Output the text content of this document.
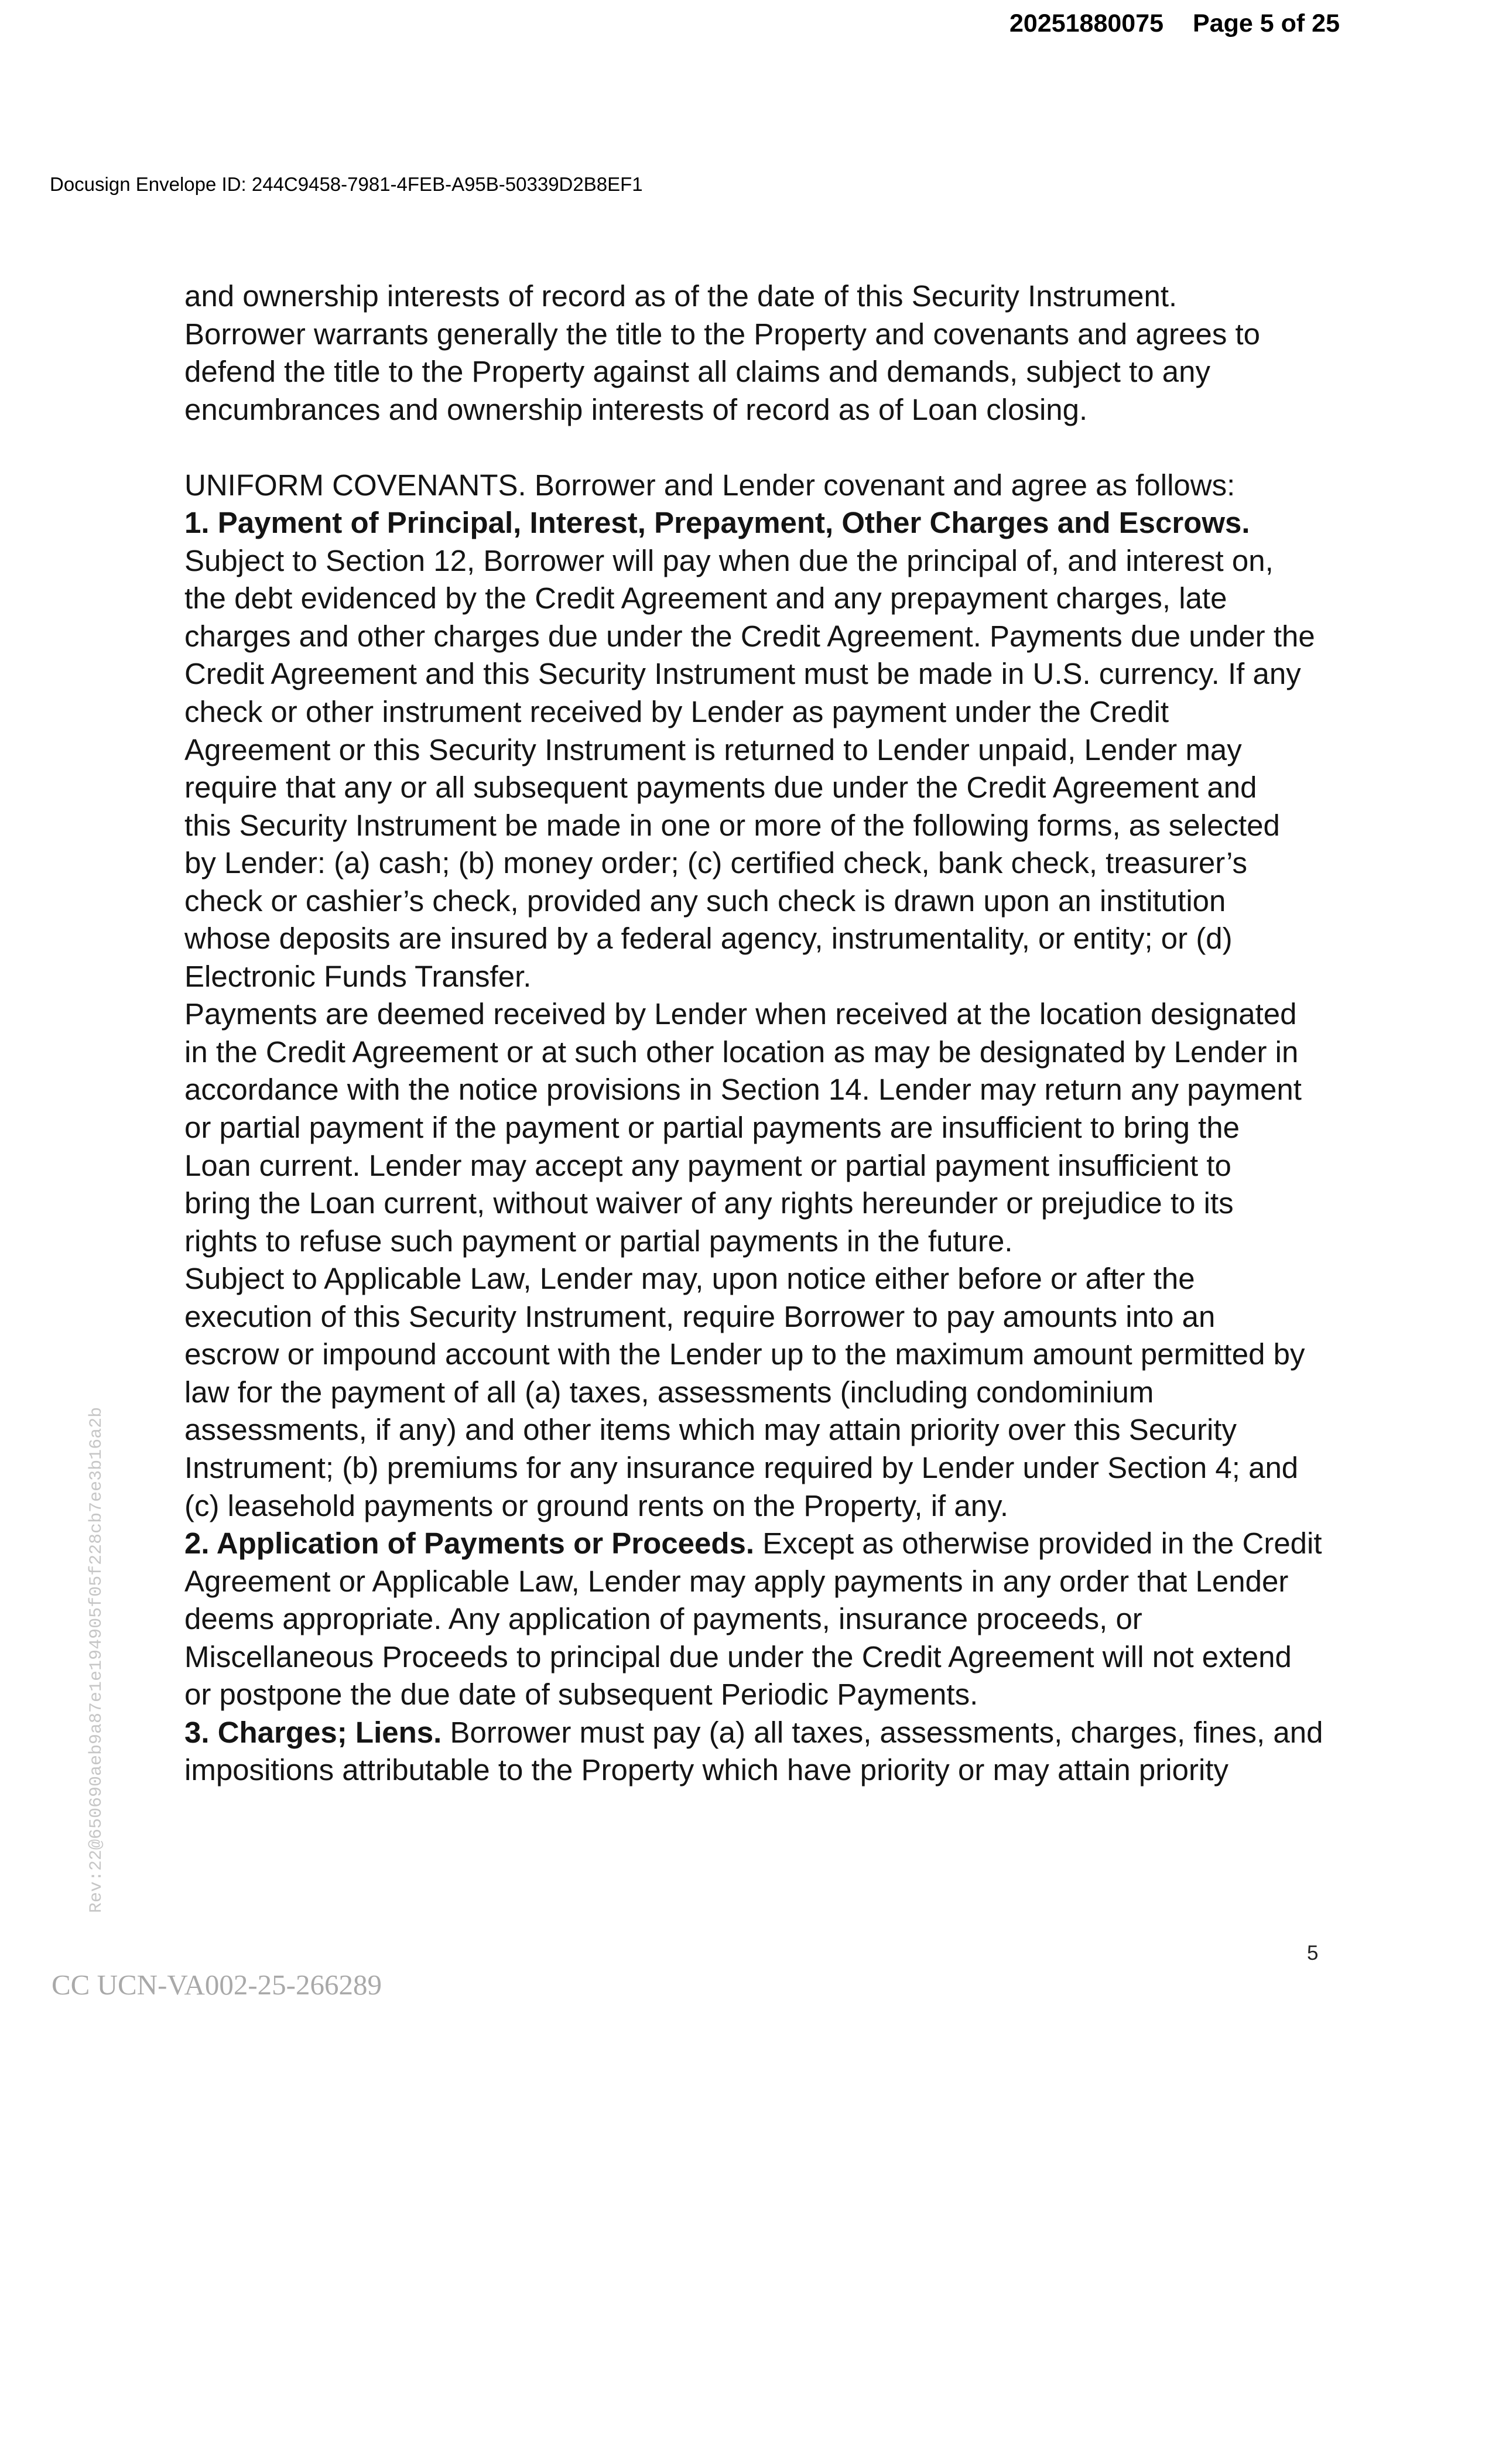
20251880075 Page 5 of 25
Docusign Envelope ID: 244C9458-7981-4FEB-A95B-50339D2B8EF1
and ownership interests of record as of the date of this Security Instrument.
Borrower warrants generally the title to the Property and covenants and agrees to
defend the title to the Property against all claims and demands, subject to any
encumbrances and ownership interests of record as of Loan closing.
UNIFORM COVENANTS. Borrower and Lender covenant and agree as follows:
1. Payment of Principal, Interest, Prepayment, Other Charges and Escrows.
Subject to Section 12, Borrower will pay when due the principal of, and interest on,
the debt evidenced by the Credit Agreement and any prepayment charges, late
charges and other charges due under the Credit Agreement. Payments due under the
Credit Agreement and this Security Instrument must be made in U.S. currency. If any
check or other instrument received by Lender as payment under the Credit
Agreement or this Security Instrument is returned to Lender unpaid, Lender may
require that any or all subsequent payments due under the Credit Agreement and
this Security Instrument be made in one or more of the following forms, as selected
by Lender: (a) cash; (b) money order; (c) certified check, bank check, treasurer’s
check or cashier’s check, provided any such check is drawn upon an institution
whose deposits are insured by a federal agency, instrumentality, or entity; or (d)
Electronic Funds Transfer.
Payments are deemed received by Lender when received at the location designated
in the Credit Agreement or at such other location as may be designated by Lender in
accordance with the notice provisions in Section 14. Lender may return any payment
or partial payment if the payment or partial payments are insufficient to bring the
Loan current. Lender may accept any payment or partial payment insufficient to
bring the Loan current, without waiver of any rights hereunder or prejudice to its
rights to refuse such payment or partial payments in the future.
Subject to Applicable Law, Lender may, upon notice either before or after the
execution of this Security Instrument, require Borrower to pay amounts into an
escrow or impound account with the Lender up to the maximum amount permitted by
law for the payment of all (a) taxes, assessments (including condominium
assessments, if any) and other items which may attain priority over this Security
Instrument; (b) premiums for any insurance required by Lender under Section 4; and
(c) leasehold payments or ground rents on the Property, if any.
2. Application of Payments or Proceeds. Except as otherwise provided in the Credit
Agreement or Applicable Law, Lender may apply payments in any order that Lender
deems appropriate. Any application of payments, insurance proceeds, or
Miscellaneous Proceeds to principal due under the Credit Agreement will not extend
or postpone the due date of subsequent Periodic Payments.
3. Charges; Liens. Borrower must pay (a) all taxes, assessments, charges, fines, and
impositions attributable to the Property which have priority or may attain priority
Rev:22@650690aeb9a87e1e194905f05f228cb7ee3b16a2b
5
CC UCN-VA002-25-266289
